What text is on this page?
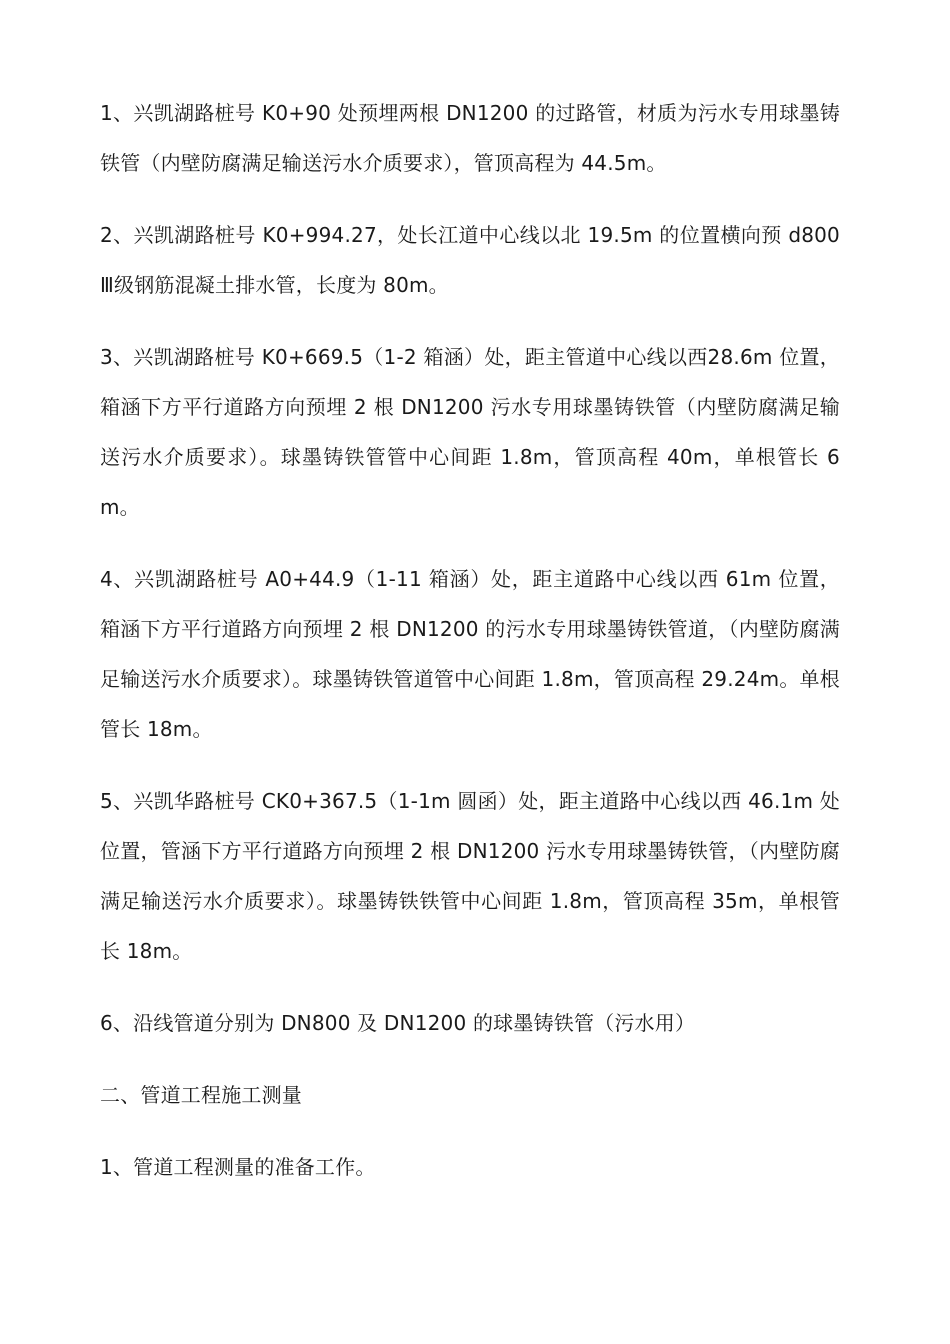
1、兴凯湖路桩号 K0+90 处预埋两根 DN1200 的过路管，材质为污水专用球墨铸铁管（内壁防腐满足输送污水介质要求），管顶高程为 44.5m。

2、兴凯湖路桩号 K0+994.27，处长江道中心线以北 19.5m 的位置横向预 d800Ⅲ级钢筋混凝土排水管，长度为 80m。

3、兴凯湖路桩号 K0+669.5（1-2 箱涵）处，距主管道中心线以西28.6m 位置，箱涵下方平行道路方向预埋 2 根 DN1200 污水专用球墨铸铁管（内壁防腐满足输送污水介质要求）。球墨铸铁管管中心间距 1.8m，管顶高程 40m，单根管长 6m。

4、兴凯湖路桩号 A0+44.9（1-11 箱涵）处，距主道路中心线以西 61m 位置，箱涵下方平行道路方向预埋 2 根 DN1200 的污水专用球墨铸铁管道，（内壁防腐满足输送污水介质要求）。球墨铸铁管道管中心间距 1.8m，管顶高程 29.24m。单根管长 18m。

5、兴凯华路桩号 CK0+367.5（1-1m 圆函）处，距主道路中心线以西 46.1m 处位置，管涵下方平行道路方向预埋 2 根 DN1200 污水专用球墨铸铁管，（内壁防腐满足输送污水介质要求）。球墨铸铁铁管中心间距 1.8m，管顶高程 35m，单根管长 18m。

6、沿线管道分别为 DN800 及 DN1200 的球墨铸铁管（污水用）

二、管道工程施工测量

1、管道工程测量的准备工作。
